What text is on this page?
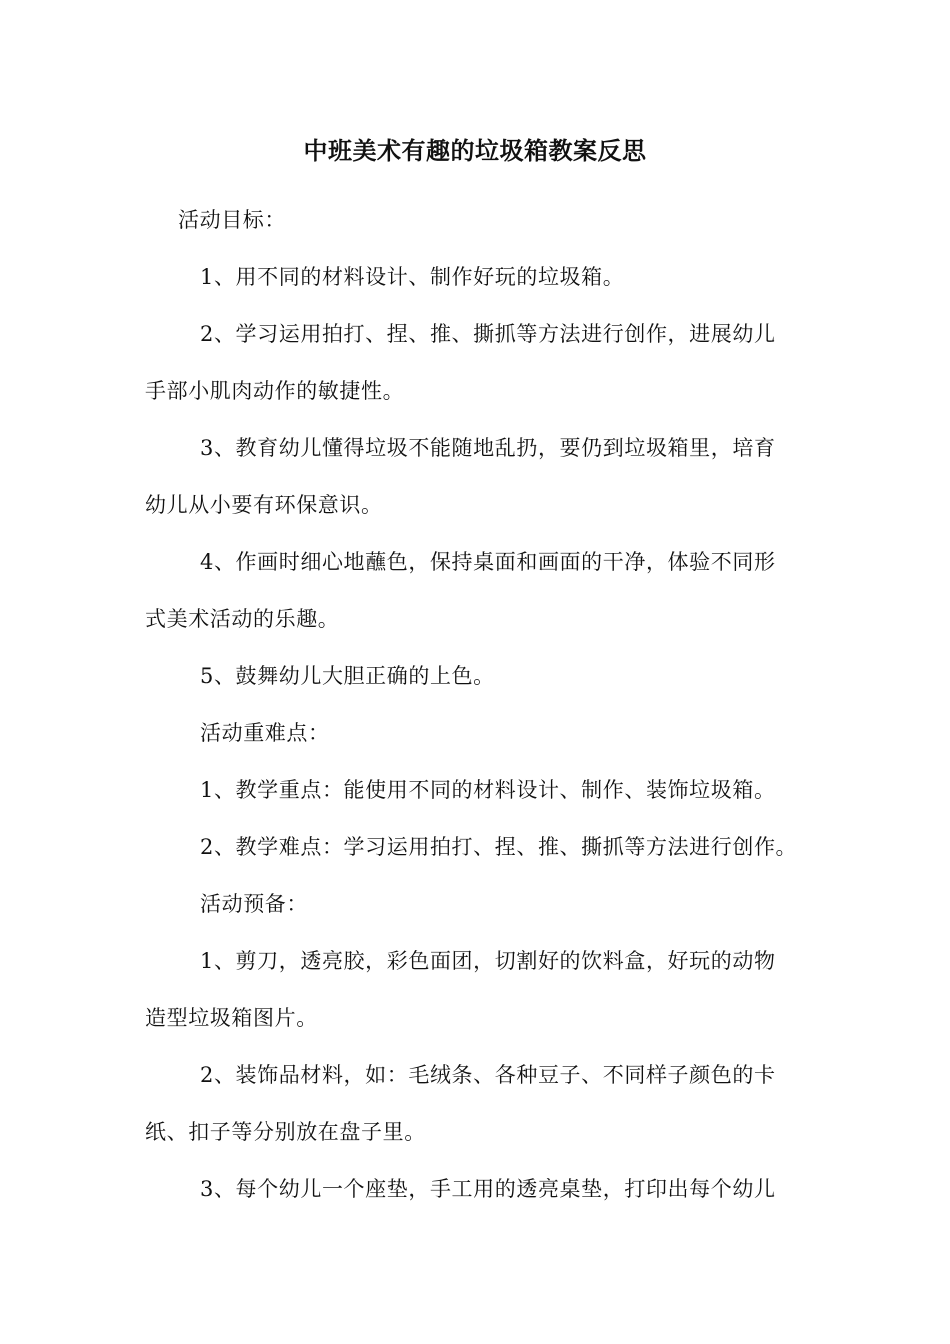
中班美术有趣的垃圾箱教案反思
活动目标：
1、用不同的材料设计、制作好玩的垃圾箱。
2、学习运用拍打、捏、推、撕抓等方法进行创作，进展幼儿
手部小肌肉动作的敏捷性。
3、教育幼儿懂得垃圾不能随地乱扔，要仍到垃圾箱里，培育
幼儿从小要有环保意识。
4、作画时细心地蘸色，保持桌面和画面的干净，体验不同形
式美术活动的乐趣。
5、鼓舞幼儿大胆正确的上色。
活动重难点：
1、教学重点：能使用不同的材料设计、制作、装饰垃圾箱。
2、教学难点：学习运用拍打、捏、推、撕抓等方法进行创作。
活动预备：
1、剪刀，透亮胶，彩色面团，切割好的饮料盒，好玩的动物
造型垃圾箱图片。
2、装饰品材料，如：毛绒条、各种豆子、不同样子颜色的卡
纸、扣子等分别放在盘子里。
3、每个幼儿一个座垫，手工用的透亮桌垫，打印出每个幼儿
